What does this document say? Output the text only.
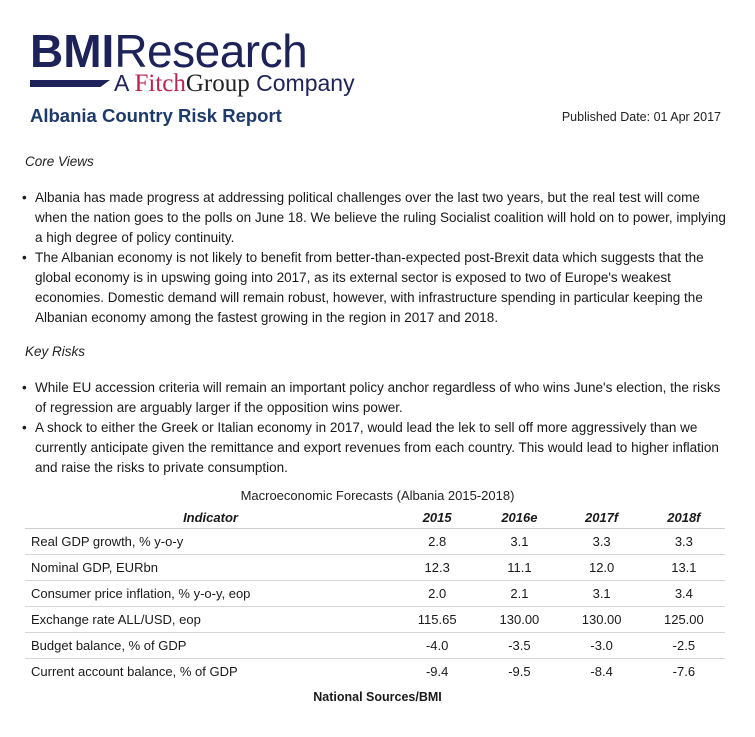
BMIResearch
A FitchGroup Company
Albania Country Risk Report	Published Date: 01 Apr 2017
Core Views
• Albania has made progress at addressing political challenges over the last two years, but the real test will come when the nation goes to the polls on June 18. We believe the ruling Socialist coalition will hold on to power, implying a high degree of policy continuity.
• The Albanian economy is not likely to benefit from better-than-expected post-Brexit data which suggests that the global economy is in upswing going into 2017, as its external sector is exposed to two of Europe's weakest economies. Domestic demand will remain robust, however, with infrastructure spending in particular keeping the Albanian economy among the fastest growing in the region in 2017 and 2018.
Key Risks
• While EU accession criteria will remain an important policy anchor regardless of who wins June's election, the risks of regression are arguably larger if the opposition wins power.
• A shock to either the Greek or Italian economy in 2017, would lead the lek to sell off more aggressively than we currently anticipate given the remittance and export revenues from each country. This would lead to higher inflation and raise the risks to private consumption.
Macroeconomic Forecasts (Albania 2015-2018)
Indicator	2015	2016e	2017f	2018f
Real GDP growth, % y-o-y	2.8	3.1	3.3	3.3
Nominal GDP, EURbn	12.3	11.1	12.0	13.1
Consumer price inflation, % y-o-y, eop	2.0	2.1	3.1	3.4
Exchange rate ALL/USD, eop	115.65	130.00	130.00	125.00
Budget balance, % of GDP	-4.0	-3.5	-3.0	-2.5
Current account balance, % of GDP	-9.4	-9.5	-8.4	-7.6
National Sources/BMI
